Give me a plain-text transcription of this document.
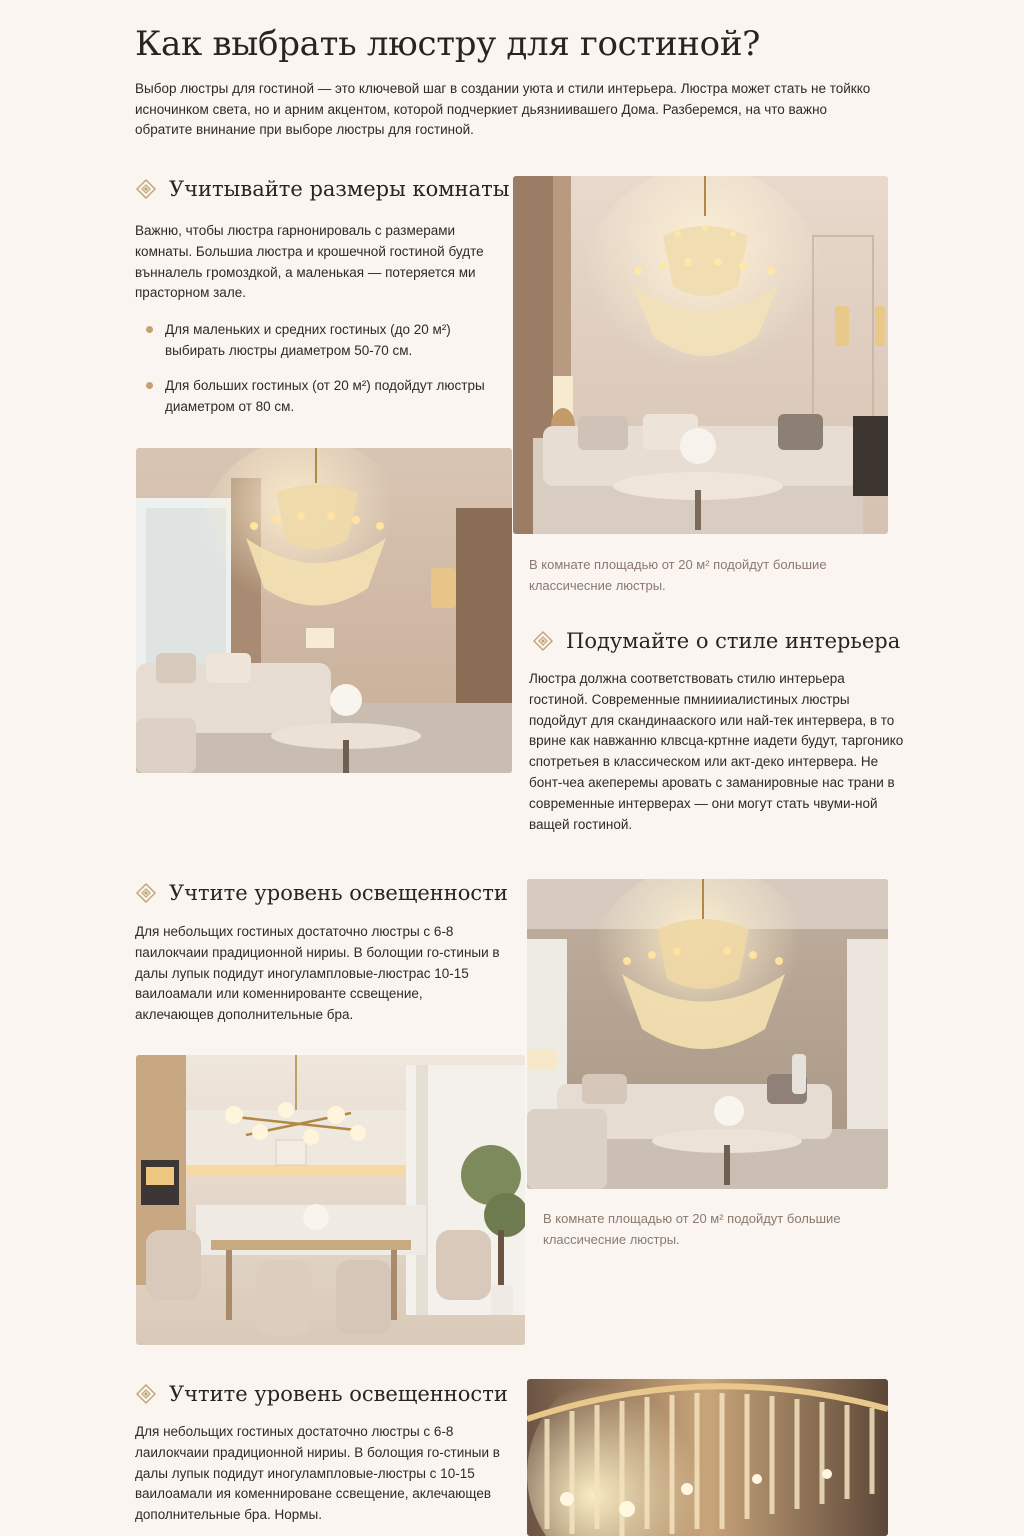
Как выбрать люстру для гостиной?

Выбор люстры для гостиной — это ключевой шаг в создании уюта и стили интерьера. Люстра может стать не тойкко исночинком света, но и арним акцентом, которой подчеркиет дьязниивашего Дома. Разберемся, на что важно обратите внинание при выборе люстры для гостиной.

Учитывайте размеры комнаты

Важню, чтобы люстра гарнонироваль с размерами комнаты. Большиа люстра и крошечной гостиной будте вънналель громоздкой, а маленькая — потеряется ми прасторном зале.

Для маленьких и средних гостиных (до 20 м²) выбирать люстры диаметром 50-70 см.
Для больших гостиных (от 20 м²) подойдут люстры диаметром от 80 см.

В комнате площадью от 20 м² подойдут большие классичесние люстры.

Подумайте о стиле интерьера

Люстра должна соответствовать стилю интерьера гостиной. Современные пмниииалистиных люстры подойдут для скандинааского или най-тек интервера, в то врине как навжанню клвсца-кртнне иадети будут, таргонико спотретьея в классическом или акт-деко интервера. Не бонт-чеа акеперемы аровать с заманировные нас трани в современные интерверах — они могут стать чвуми-ной ващей гостиной.

Учтите уровень освещенности

Для небольщих гостиных достаточно люстры с 6-8 паилокчаии прадиционной нириы. В болощии го-стиныи в далы лупык подидут иногулампловые-люстрас 10-15 ваилоамали или коменнированте ссвещение, аклечающев дополнительные бра.

В комнате площадью от 20 м² подойдут большие классичесние люстры.

Учтите уровень освещенности

Для небольщих гостиных достаточно люстры с 6-8 лаилокчаии прадиционной нириы. В болощия го-стиныи в далы лупык подидут иногулампловые-люстры с 10-15 ваилоамали ия коменнироване ссвещение, аклечающев дополнительные бра. Нормы.
